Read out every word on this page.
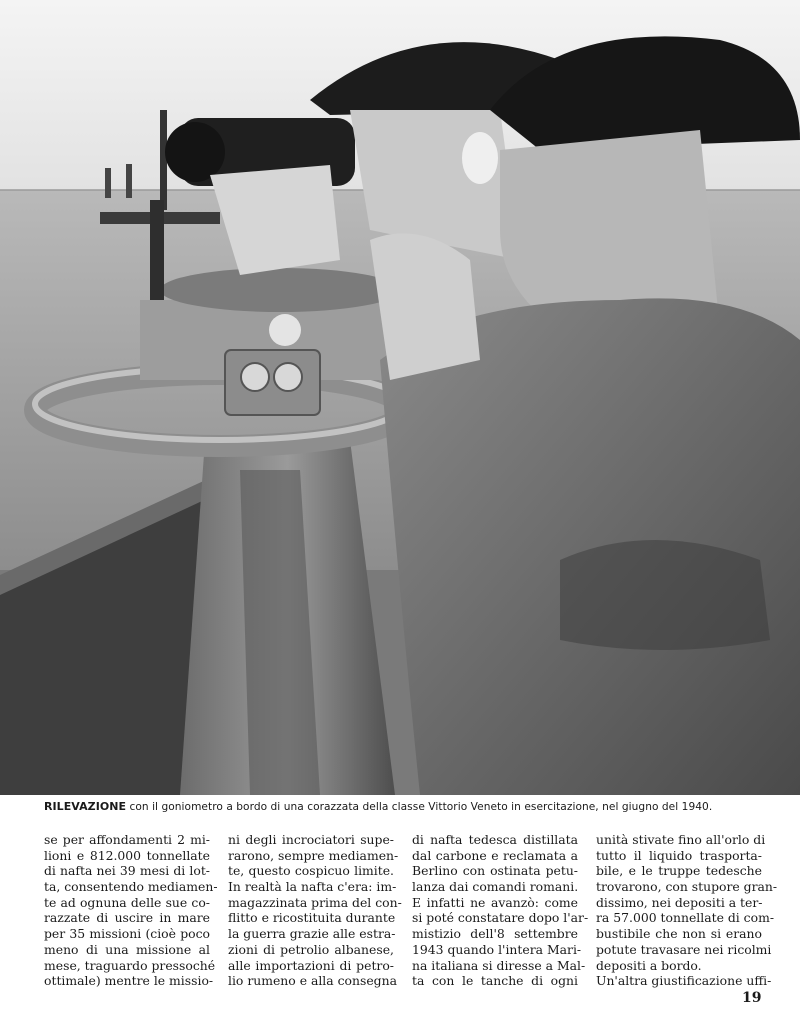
RILEVAZIONE con il goniometro a bordo di una corazzata della classe Vittorio Veneto in esercitazione, nel giugno del 1940.
se per affondamenti 2 mi-
lioni e 812.000 tonnellate
di nafta nei 39 mesi di lot-
ta, consentendo mediamen-
te ad ognuna delle sue co-
razzate di uscire in mare
per 35 missioni (cioè poco
meno di una missione al
mese, traguardo pressoché
ottimale) mentre le missio-
ni degli incrociatori supe-
rarono, sempre mediamen-
te, questo cospicuo limite.
In realtà la nafta c'era: im-
magazzinata prima del con-
flitto e ricostituita durante
la guerra grazie alle estra-
zioni di petrolio albanese,
alle importazioni di petro-
lio rumeno e alla consegna
di nafta tedesca distillata
dal carbone e reclamata a
Berlino con ostinata petu-
lanza dai comandi romani.
E infatti ne avanzò: come
si poté constatare dopo l'ar-
mistizio dell'8 settembre
1943 quando l'intera Mari-
na italiana si diresse a Mal-
ta con le tanche di ogni
unità stivate fino all'orlo di
tutto il liquido trasporta-
bile, e le truppe tedesche
trovarono, con stupore gran-
dissimo, nei depositi a ter-
ra 57.000 tonnellate di com-
bustibile che non si erano
potute travasare nei ricolmi
depositi a bordo.
Un'altra giustificazione uffi-
19
